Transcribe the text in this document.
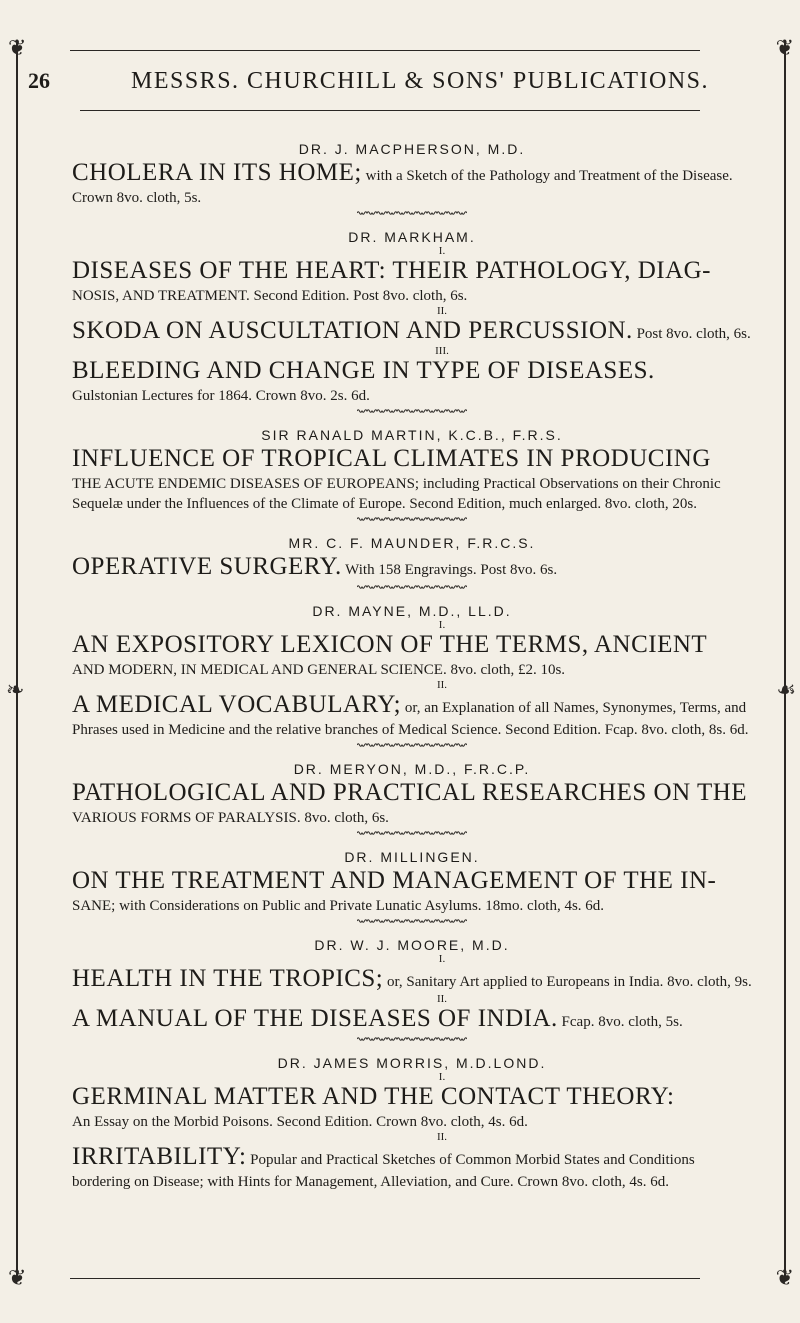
❦	❦
❦	❦
❧	☙
26	MESSRS. CHURCHILL & SONS' PUBLICATIONS.

DR. J. MACPHERSON, M.D.

CHOLERA IN ITS HOME; with a Sketch of the Pathology and Treatment of the Disease. Crown 8vo. cloth, 5s.

DR. MARKHAM.

I.

DISEASES OF THE HEART: THEIR PATHOLOGY, DIAG-
NOSIS, AND TREATMENT. Second Edition. Post 8vo. cloth, 6s.

II.

SKODA ON AUSCULTATION AND PERCUSSION. Post 8vo. cloth, 6s.

III.

BLEEDING AND CHANGE IN TYPE OF DISEASES.
Gulstonian Lectures for 1864. Crown 8vo. 2s. 6d.

SIR RANALD MARTIN, K.C.B., F.R.S.

INFLUENCE OF TROPICAL CLIMATES IN PRODUCING
THE ACUTE ENDEMIC DISEASES OF EUROPEANS; including Practical Observations on their Chronic Sequelæ under the Influences of the Climate of Europe. Second Edition, much enlarged. 8vo. cloth, 20s.

MR. C. F. MAUNDER, F.R.C.S.

OPERATIVE SURGERY. With 158 Engravings. Post 8vo. 6s.

DR. MAYNE, M.D., LL.D.

I.

AN EXPOSITORY LEXICON OF THE TERMS, ANCIENT
AND MODERN, IN MEDICAL AND GENERAL SCIENCE. 8vo. cloth, £2. 10s.

II.

A MEDICAL VOCABULARY; or, an Explanation of all Names, Synonymes, Terms, and Phrases used in Medicine and the relative branches of Medical Science. Second Edition. Fcap. 8vo. cloth, 8s. 6d.

DR. MERYON, M.D., F.R.C.P.

PATHOLOGICAL AND PRACTICAL RESEARCHES ON THE
VARIOUS FORMS OF PARALYSIS. 8vo. cloth, 6s.

DR. MILLINGEN.

ON THE TREATMENT AND MANAGEMENT OF THE IN-
SANE; with Considerations on Public and Private Lunatic Asylums. 18mo. cloth, 4s. 6d.

DR. W. J. MOORE, M.D.

I.

HEALTH IN THE TROPICS; or, Sanitary Art applied to Europeans in India. 8vo. cloth, 9s.

II.

A MANUAL OF THE DISEASES OF INDIA. Fcap. 8vo. cloth, 5s.

DR. JAMES MORRIS, M.D.LOND.

I.

GERMINAL MATTER AND THE CONTACT THEORY:
An Essay on the Morbid Poisons. Second Edition. Crown 8vo. cloth, 4s. 6d.

II.

IRRITABILITY: Popular and Practical Sketches of Common Morbid States and Conditions bordering on Disease; with Hints for Management, Alleviation, and Cure. Crown 8vo. cloth, 4s. 6d.
